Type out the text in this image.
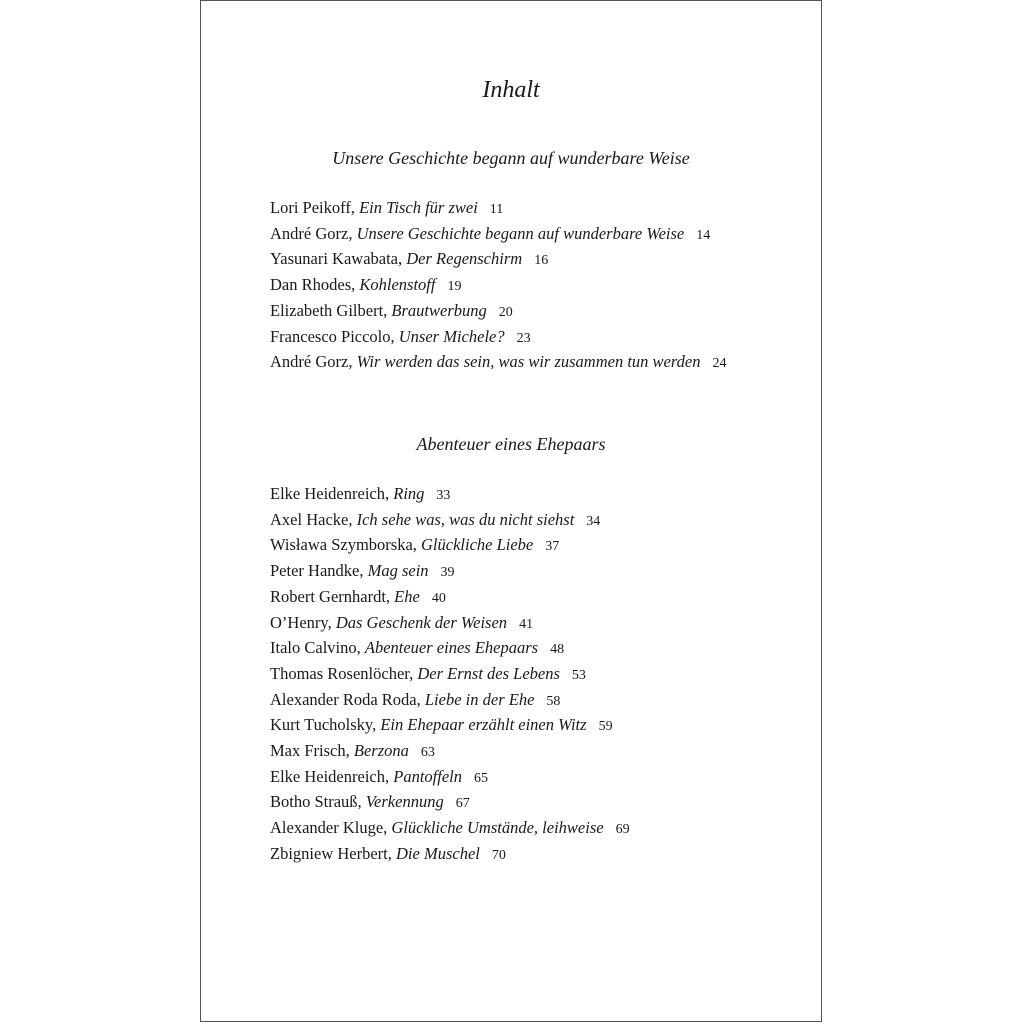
Inhalt
Unsere Geschichte begann auf wunderbare Weise
Lori Peikoff, Ein Tisch für zwei 11
André Gorz, Unsere Geschichte begann auf wunderbare Weise 14
Yasunari Kawabata, Der Regenschirm 16
Dan Rhodes, Kohlenstoff 19
Elizabeth Gilbert, Brautwerbung 20
Francesco Piccolo, Unser Michele? 23
André Gorz, Wir werden das sein, was wir zusammen tun werden 24
Abenteuer eines Ehepaars
Elke Heidenreich, Ring 33
Axel Hacke, Ich sehe was, was du nicht siehst 34
Wisława Szymborska, Glückliche Liebe 37
Peter Handke, Mag sein 39
Robert Gernhardt, Ehe 40
O’Henry, Das Geschenk der Weisen 41
Italo Calvino, Abenteuer eines Ehepaars 48
Thomas Rosenlöcher, Der Ernst des Lebens 53
Alexander Roda Roda, Liebe in der Ehe 58
Kurt Tucholsky, Ein Ehepaar erzählt einen Witz 59
Max Frisch, Berzona 63
Elke Heidenreich, Pantoffeln 65
Botho Strauß, Verkennung 67
Alexander Kluge, Glückliche Umstände, leihweise 69
Zbigniew Herbert, Die Muschel 70
